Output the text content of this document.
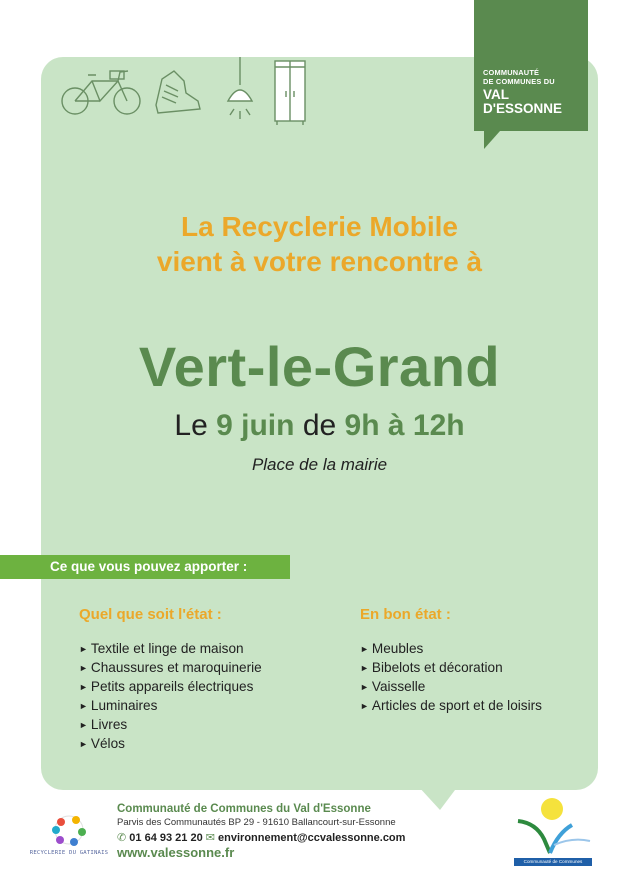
COMMUNAUTÉ
DE COMMUNES DU
VAL
D'ESSONNE
La Recyclerie Mobile
vient à votre rencontre à
Vert-le-Grand
Le 9 juin de 9h à 12h
Place de la mairie
Ce que vous pouvez apporter :
Quel que soit l'état :
► Textile et linge de maison
► Chaussures et maroquinerie
► Petits appareils électriques
► Luminaires
► Livres
► Vélos
En bon état :
► Meubles
► Bibelots et décoration
► Vaisselle
► Articles de sport et de loisirs
RECYCLERIE DU GATINAIS
Communauté de Communes du Val d'Essonne
Parvis des Communautés BP 29 - 91610 Ballancourt-sur-Essonne
✆ 01 64 93 21 20 ✉ environnement@ccvalessonne.com
www.valessonne.fr
Communauté de Communes
